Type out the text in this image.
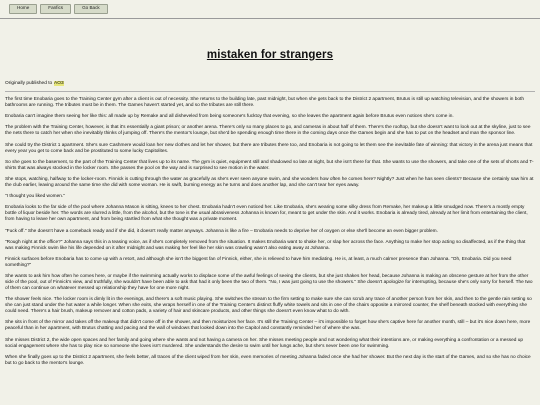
Home	Fanfics	Go Back
mistaken for strangers
Originally published to AO3

The first time Enobaria goes to the Training Center gym after a client is out of necessity. She returns to the building late, past midnight, but when she gets back to the District 2 apartment, Brutus is still up watching television, and the showers in both bathrooms are running. The tributes must be in them. The Games haven't started yet, and so the tributes are still there.

Enobaria can't imagine them seeing her like this: all made up by Remake and all disheveled from being someone's fucktoy that evening, so she leaves the apartment again before Brutus even notices she's come in.

The problem with the Training Center, however, is that it's essentially a giant prison; or another arena. There's only so many places to go, and cameras in about half of them. There's the rooftop, but she doesn't want to look out at the skyline, just to see the nets there to catch her when she inevitably thinks of jumping off. There's the mentor's lounge, but she'd be spending enough time there in the coming days once the Games begin and she has to put on the headset and man the sponsor line.

She could try the District 1 apartment. She's sure Cashmere would loan her new clothes and let her shower, but there are tributes there too, and Enobaria is not going to let them see the inevitable fate of winning: that victory in the arena just means that every year you get to come back and be prostituted to some lucky Capitolites.

So she goes to the basement, to the part of the Training Center that lives up to its name. The gym is quiet, equipment still and shadowed so late at night, but she isn't there for that. She wants to use the showers, and take one of the sets of shorts and T-shirts that was always stocked in the locker room. She passes the pool on the way and is surprised to see motion in the water.

She stops, watching, halfway to the locker-room. Finnick is cutting through the water as gracefully as she's ever seen anyone swim, and she wonders how often he comes here? Nightly? Just when he has seen clients? Because she certainly saw him at the club earlier, leaving around the same time she did with some woman. He is swift, burning energy as he turns and does another lap, and she can't tear her eyes away.

"I thought you liked women."

Enobaria looks to the far side of the pool where Johanna Mason is sitting, knees to her chest. Enobaria hadn't even noticed her. Like Enobaria, she's wearing some silky dress from Remake, her makeup a little smudged now. There's a mostly empty bottle of liquor beside her. The words are slurred a little, from the alcohol, but the tone is the usual abrasiveness Johanna is known for, meant to get under the skin. And it works. Enobaria is already tired, already at her limit from entertaining the client, from having to leave her own apartment, and from being startled from what she thought was a private moment.

"Fuck off." She doesn't have a comeback ready and if she did, it doesn't really matter anyways. Johanna is like a fire – Enobaria needs to deprive her of oxygen or else she'll become an even bigger problem.

"Rough night at the office?" Johanna says this in a teasing voice, as if she's completely removed from the situation. It makes Enobaria want to shake her, or slap her across the face. Anything to make her stop acting so disaffected, as if the thing that was making Finnick swim like his life depended on it after midnight and was making her feel like her skin was crawling wasn't also eating away at Johanna.

Finnick surfaces before Enobaria has to come up with a retort, and although she isn't the biggest fan of Finnick, either, she is relieved to have him mediating. He is, at least, a much calmer presence than Johanna. "Oh, Enobaria. Did you need something?"

She wants to ask him how often he comes here, or maybe if the swimming actually works to displace some of the awful feelings of seeing the clients, but she just shakes her head, because Johanna is making an obscene gesture at her from the other side of the pool, out of Finnick's view, and truthfully, she wouldn't have been able to ask that had it only been the two of them. "No, I was just going to use the showers." She doesn't apologize for interrupting, because she's only sorry for herself. The two of them can continue on whatever messed up relationship they have for one more night.

The shower feels nice. The locker room is dimly lit in the evenings, and there's a soft music playing. She switches the stream to the firm setting to make sure she can scrub any trace of another person from her skin, and then to the gentle rain setting so she can just stand under the hot water a while longer. When she exits, she wraps herself in one of the Training Center's distinct fluffy white towels and sits in one of the chairs opposite a mirrored counter, the shelf beneath stocked with everything she could need. There's a hair brush, makeup remover and cotton pads, a variety of hair and skincare products, and other things she doesn't even know what to do with.

She sits in front of the mirror and takes off the makeup that didn't come off in the shower, and then moisturizes her face. It's still the Training Center – it's impossible to forget how she's captive here for another month, still – but it's nice down here, more peaceful than in her apartment, with Brutus chatting and pacing and the wall of windows that looked down into the Capitol and constantly reminded her of where she was.

She misses District 2, the wide open spaces and her family and going where she wants and not having a camera on her. She misses meeting people and not wondering what their intentions are, or making everything a confrontation or a messed up social engagement where she has to play nice so someone she loves isn't murdered. She understands the desire to swim until her lungs ache, but she's never been one for swimming.

When she finally goes up to the District 2 apartment, she feels better, all traces of the client wiped from her skin, even memories of meeting Johanna faded once she had her shower. But the next day is the start of the Games, and so she has no choice but to go back to the mentor's lounge.
